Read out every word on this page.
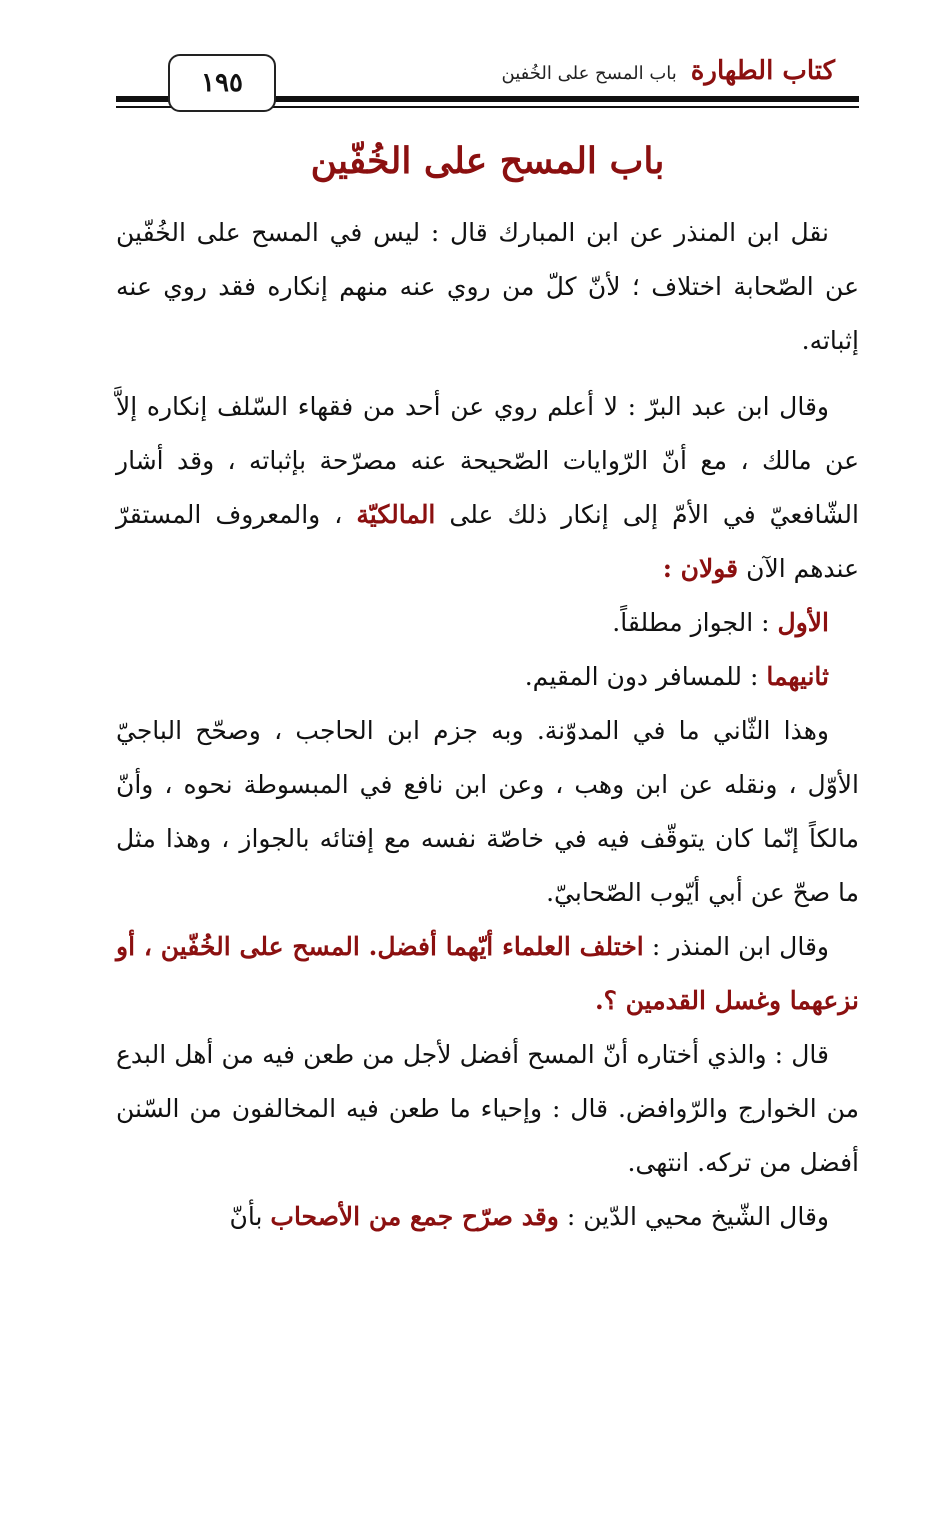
١٩٥	كتاب الطهارة
باب المسح على الخُفين
باب المسح على الخُفّين

نقل ابن المنذر عن ابن المبارك قال : ليس في المسح على الخُفّين عن الصّحابة اختلاف ؛ لأنّ كلّ من روي عنه منهم إنكاره فقد روي عنه إثباته.

وقال ابن عبد البرّ : لا أعلم روي عن أحد من فقهاء السّلف إنكاره إلاَّ عن مالك ، مع أنّ الرّوايات الصّحيحة عنه مصرّحة بإثباته ، وقد أشار الشّافعيّ في الأمّ إلى إنكار ذلك على المالكيّة ، والمعروف المستقرّ عندهم الآن قولان :

الأول : الجواز مطلقاً.

ثانيهما : للمسافر دون المقيم.

وهذا الثّاني ما في المدوّنة. وبه جزم ابن الحاجب ، وصحّح الباجيّ الأوّل ، ونقله عن ابن وهب ، وعن ابن نافع في المبسوطة نحوه ، وأنّ مالكاً إنّما كان يتوقّف فيه في خاصّة نفسه مع إفتائه بالجواز ، وهذا مثل ما صحّ عن أبي أيّوب الصّحابيّ.

وقال ابن المنذر : اختلف العلماء أيّهما أفضل. المسح على الخُفّين ، أو نزعهما وغسل القدمين ؟.

قال : والذي أختاره أنّ المسح أفضل لأجل من طعن فيه من أهل البدع من الخوارج والرّوافض. قال : وإحياء ما طعن فيه المخالفون من السّنن أفضل من تركه. انتهى.

وقال الشّيخ محيي الدّين : وقد صرّح جمع من الأصحاب بأنّ
